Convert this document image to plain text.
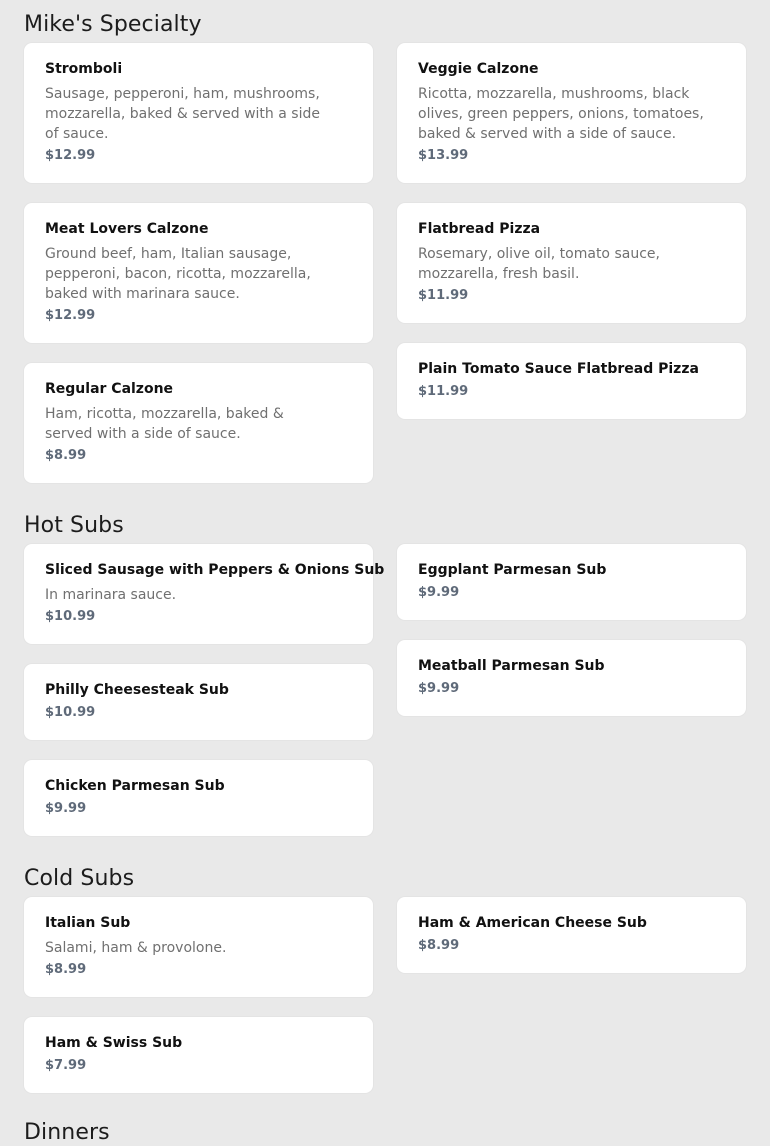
Mike's Specialty
Stromboli
Sausage, pepperoni, ham, mushrooms, mozzarella, baked & served with a side of sauce.
$12.99
Veggie Calzone
Ricotta, mozzarella, mushrooms, black olives, green peppers, onions, tomatoes, baked & served with a side of sauce.
$13.99
Meat Lovers Calzone
Ground beef, ham, Italian sausage, pepperoni, bacon, ricotta, mozzarella, baked with marinara sauce.
$12.99
Flatbread Pizza
Rosemary, olive oil, tomato sauce, mozzarella, fresh basil.
$11.99
Regular Calzone
Ham, ricotta, mozzarella, baked & served with a side of sauce.
$8.99
Plain Tomato Sauce Flatbread Pizza
$11.99
Hot Subs
Sliced Sausage with Peppers & Onions Sub
In marinara sauce.
$10.99
Eggplant Parmesan Sub
$9.99
Philly Cheesesteak Sub
$10.99
Meatball Parmesan Sub
$9.99
Chicken Parmesan Sub
$9.99
Cold Subs
Italian Sub
Salami, ham & provolone.
$8.99
Ham & American Cheese Sub
$8.99
Ham & Swiss Sub
$7.99
Dinners
